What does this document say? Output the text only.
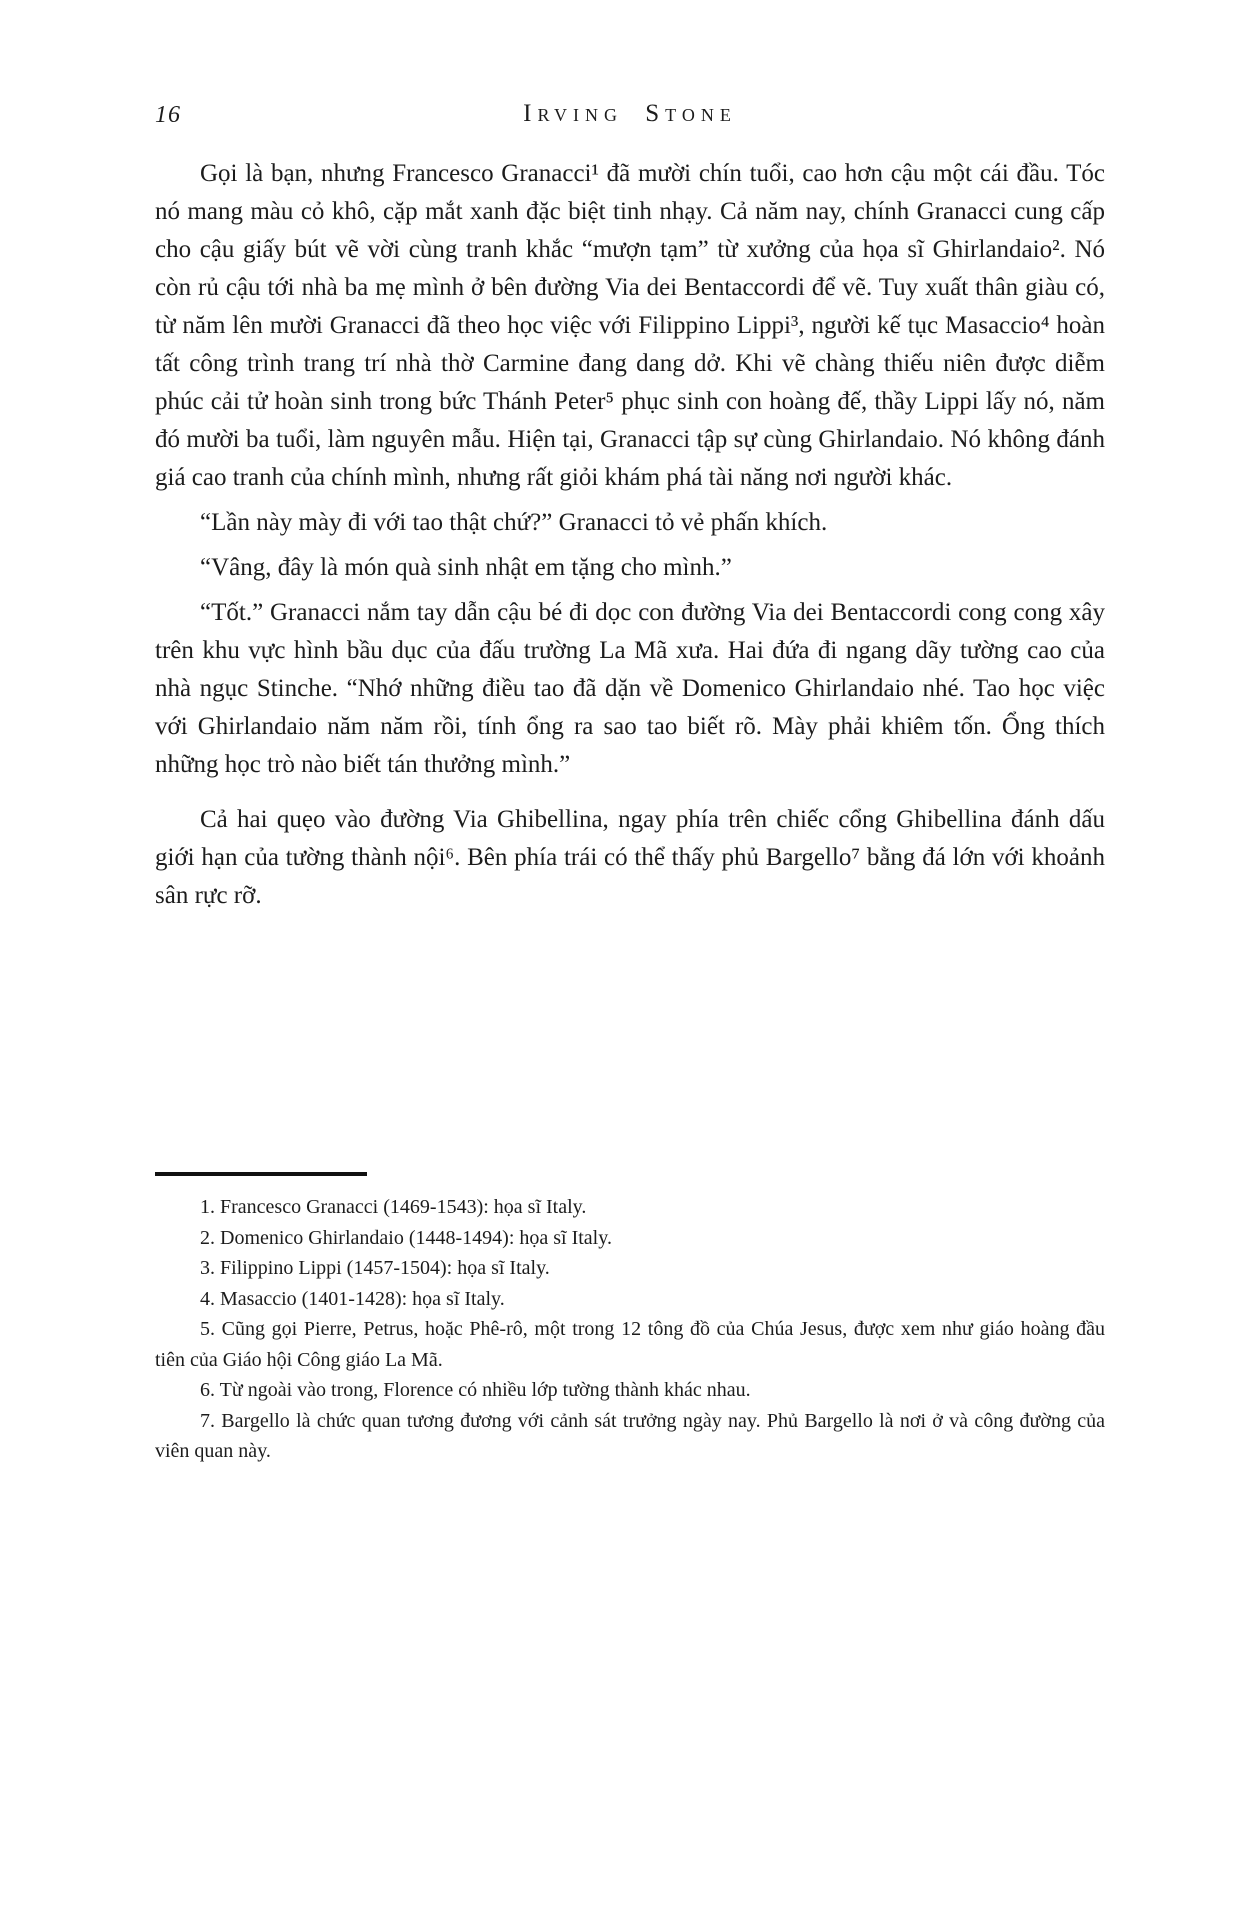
16	Irving Stone

Gọi là bạn, nhưng Francesco Granacci¹ đã mười chín tuổi, cao hơn cậu một cái đầu. Tóc nó mang màu cỏ khô, cặp mắt xanh đặc biệt tinh nhạy. Cả năm nay, chính Granacci cung cấp cho cậu giấy bút vẽ vời cùng tranh khắc “mượn tạm” từ xưởng của họa sĩ Ghirlandaio². Nó còn rủ cậu tới nhà ba mẹ mình ở bên đường Via dei Bentaccordi để vẽ. Tuy xuất thân giàu có, từ năm lên mười Granacci đã theo học việc với Filippino Lippi³, người kế tục Masaccio⁴ hoàn tất công trình trang trí nhà thờ Carmine đang dang dở. Khi vẽ chàng thiếu niên được diễm phúc cải tử hoàn sinh trong bức Thánh Peter⁵ phục sinh con hoàng đế, thầy Lippi lấy nó, năm đó mười ba tuổi, làm nguyên mẫu. Hiện tại, Granacci tập sự cùng Ghirlandaio. Nó không đánh giá cao tranh của chính mình, nhưng rất giỏi khám phá tài năng nơi người khác.

“Lần này mày đi với tao thật chứ?” Granacci tỏ vẻ phấn khích.

“Vâng, đây là món quà sinh nhật em tặng cho mình.”

“Tốt.” Granacci nắm tay dẫn cậu bé đi dọc con đường Via dei Bentaccordi cong cong xây trên khu vực hình bầu dục của đấu trường La Mã xưa. Hai đứa đi ngang dãy tường cao của nhà ngục Stinche. “Nhớ những điều tao đã dặn về Domenico Ghirlandaio nhé. Tao học việc với Ghirlandaio năm năm rồi, tính ổng ra sao tao biết rõ. Mày phải khiêm tốn. Ổng thích những học trò nào biết tán thưởng mình.”

Cả hai quẹo vào đường Via Ghibellina, ngay phía trên chiếc cổng Ghibellina đánh dấu giới hạn của tường thành nội⁶. Bên phía trái có thể thấy phủ Bargello⁷ bằng đá lớn với khoảnh sân rực rỡ.

1. Francesco Granacci (1469-1543): họa sĩ Italy.

2. Domenico Ghirlandaio (1448-1494): họa sĩ Italy.

3. Filippino Lippi (1457-1504): họa sĩ Italy.

4. Masaccio (1401-1428): họa sĩ Italy.

5. Cũng gọi Pierre, Petrus, hoặc Phê-rô, một trong 12 tông đồ của Chúa Jesus, được xem như giáo hoàng đầu tiên của Giáo hội Công giáo La Mã.

6. Từ ngoài vào trong, Florence có nhiều lớp tường thành khác nhau.

7. Bargello là chức quan tương đương với cảnh sát trưởng ngày nay. Phủ Bargello là nơi ở và công đường của viên quan này.
